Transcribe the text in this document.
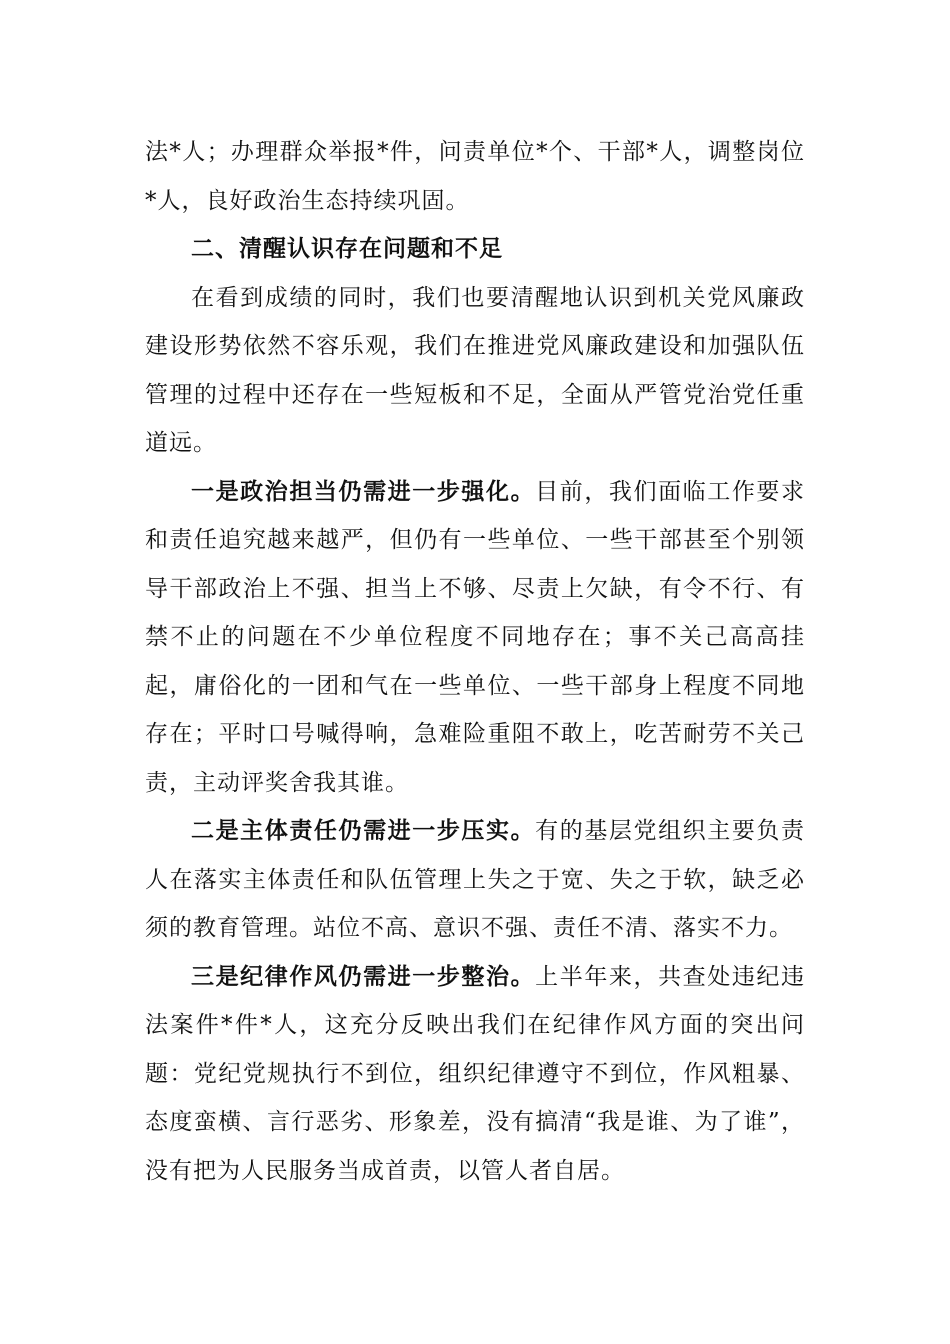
法*人；办理群众举报*件，问责单位*个、干部*人，调整岗位*人，良好政治生态持续巩固。

二、清醒认识存在问题和不足

在看到成绩的同时，我们也要清醒地认识到机关党风廉政建设形势依然不容乐观，我们在推进党风廉政建设和加强队伍管理的过程中还存在一些短板和不足，全面从严管党治党任重道远。

一是政治担当仍需进一步强化。目前，我们面临工作要求和责任追究越来越严，但仍有一些单位、一些干部甚至个别领导干部政治上不强、担当上不够、尽责上欠缺，有令不行、有禁不止的问题在不少单位程度不同地存在；事不关己高高挂起，庸俗化的一团和气在一些单位、一些干部身上程度不同地存在；平时口号喊得响，急难险重阻不敢上，吃苦耐劳不关己责，主动评奖舍我其谁。

二是主体责任仍需进一步压实。有的基层党组织主要负责人在落实主体责任和队伍管理上失之于宽、失之于软，缺乏必须的教育管理。站位不高、意识不强、责任不清、落实不力。

三是纪律作风仍需进一步整治。上半年来，共查处违纪违法案件*件*人，这充分反映出我们在纪律作风方面的突出问题：党纪党规执行不到位，组织纪律遵守不到位，作风粗暴、态度蛮横、言行恶劣、形象差，没有搞清“我是谁、为了谁”，没有把为人民服务当成首责，以管人者自居。
